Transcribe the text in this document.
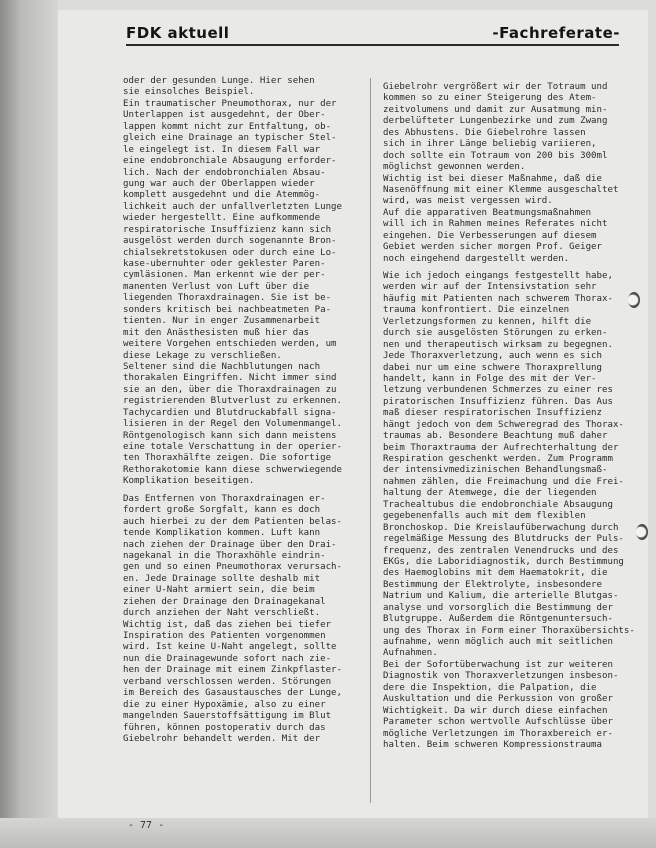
FDK aktuell	-Fachreferate-
oder der gesunden Lunge. Hier sehen
sie einsolches Beispiel.
Ein traumatischer Pneumothorax, nur der
Unterlappen ist ausgedehnt, der Ober-
lappen kommt nicht zur Entfaltung, ob-
gleich eine Drainage an typischer Stel-
le eingelegt ist. In diesem Fall war
eine endobronchiale Absaugung erforder-
lich. Nach der endobronchialen Absau-
gung war auch der Oberlappen wieder
komplett ausgedehnt und die Atemmög-
lichkeit auch der unfallverletzten Lunge
wieder hergestellt. Eine aufkommende
respiratorische Insuffizienz kann sich
ausgelöst werden durch sogenannte Bron-
chialsekretstokusen oder durch eine Lo-
kase-ubernuhter oder geklester Paren-
cymläsionen. Man erkennt wie der per-
manenten Verlust von Luft über die
liegenden Thoraxdrainagen. Sie ist be-
sonders kritisch bei nachbeatmeten Pa-
tienten. Nur in enger Zusammenarbeit
mit den Anästhesisten muß hier das
weitere Vorgehen entschieden werden, um
diese Lekage zu verschließen.
Seltener sind die Nachblutungen nach
thorakalen Eingriffen. Nicht immer sind
sie an den, über die Thoraxdrainagen zu
registrierenden Blutverlust zu erkennen.
Tachycardien und Blutdruckabfall signa-
lisieren in der Regel den Volumenmangel.
Röntgenologisch kann sich dann meistens
eine totale Verschattung in der operier-
ten Thoraxhälfte zeigen. Die sofortige
Rethorakotomie kann diese schwerwiegende
Komplikation beseitigen.
Das Entfernen von Thoraxdrainagen er-
fordert große Sorgfalt, kann es doch
auch hierbei zu der dem Patienten belas-
tende Komplikation kommen. Luft kann
nach ziehen der Drainage über den Drai-
nagekanal in die Thoraxhöhle eindrin-
gen und so einen Pneumothorax verursach-
en. Jede Drainage sollte deshalb mit
einer U-Naht armiert sein, die beim
ziehen der Drainage den Drainagekanal
durch anziehen der Naht verschließt.
Wichtig ist, daß das ziehen bei tiefer
Inspiration des Patienten vorgenommen
wird. Ist keine U-Naht angelegt, sollte
nun die Drainagewunde sofort nach zie-
hen der Drainage mit einem Zinkpflaster-
verband verschlossen werden. Störungen
im Bereich des Gasaustausches der Lunge,
die zu einer Hypoxämie, also zu einer
mangelnden Sauerstoffsättigung im Blut
führen, können postoperativ durch das
Giebelrohr behandelt werden. Mit der
Giebelrohr vergrößert wir der Totraum und
kommen so zu einer Steigerung des Atem-
zeitvolumens und damit zur Ausatmung min-
derbelüfteter Lungenbezirke und zum Zwang
des Abhustens. Die Giebelrohre lassen
sich in ihrer Länge beliebig variieren,
doch sollte ein Totraum von 200 bis 300ml
möglichst gewonnen werden.
Wichtig ist bei dieser Maßnahme, daß die
Nasenöffnung mit einer Klemme ausgeschaltet
wird, was meist vergessen wird.
Auf die apparativen Beatmungsmaßnahmen
will ich in Rahmen meines Referates nicht
eingehen. Die Verbesserungen auf diesem
Gebiet werden sicher morgen Prof. Geiger
noch eingehend dargestellt werden.
Wie ich jedoch eingangs festgestellt habe,
werden wir auf der Intensivstation sehr
häufig mit Patienten nach schwerem Thorax-
trauma konfrontiert. Die einzelnen
Verletzungsformen zu kennen, hilft die
durch sie ausgelösten Störungen zu erken-
nen und therapeutisch wirksam zu begegnen.
Jede Thoraxverletzung, auch wenn es sich
dabei nur um eine schwere Thoraxprellung
handelt, kann in Folge des mit der Ver-
letzung verbundenen Schmerzes zu einer res
piratorischen Insuffizienz führen. Das Aus
maß dieser respiratorischen Insuffizienz
hängt jedoch von dem Schweregrad des Thorax-
traumas ab. Besondere Beachtung muß daher
beim Thoraxtrauma der Aufrechterhaltung der
Respiration geschenkt werden. Zum Programm
der intensivmedizinischen Behandlungsmaß-
nahmen zählen, die Freimachung und die Frei-
haltung der Atemwege, die der liegenden
Trachealtubus die endobronchiale Absaugung
gegebenenfalls auch mit dem flexiblen
Bronchoskop. Die Kreislaufüberwachung durch
regelmäßige Messung des Blutdrucks der Puls-
frequenz, des zentralen Venendrucks und des
EKGs, die Laboridiagnostik, durch Bestimmung
des Haemoglobins mit dem Haematokrit, die
Bestimmung der Elektrolyte, insbesondere
Natrium und Kalium, die arterielle Blutgas-
analyse und vorsorglich die Bestimmung der
Blutgruppe. Außerdem die Röntgenuntersuch-
ung des Thorax in Form einer Thoraxübersichts-
aufnahme, wenn möglich auch mit seitlichen
Aufnahmen.
Bei der Sofortüberwachung ist zur weiteren
Diagnostik von Thoraxverletzungen insbeson-
dere die Inspektion, die Palpation, die
Auskultation und die Perkussion von großer
Wichtigkeit. Da wir durch diese einfachen
Parameter schon wertvolle Aufschlüsse über
mögliche Verletzungen im Thoraxbereich er-
halten. Beim schweren Kompressionstrauma
- 77 -
